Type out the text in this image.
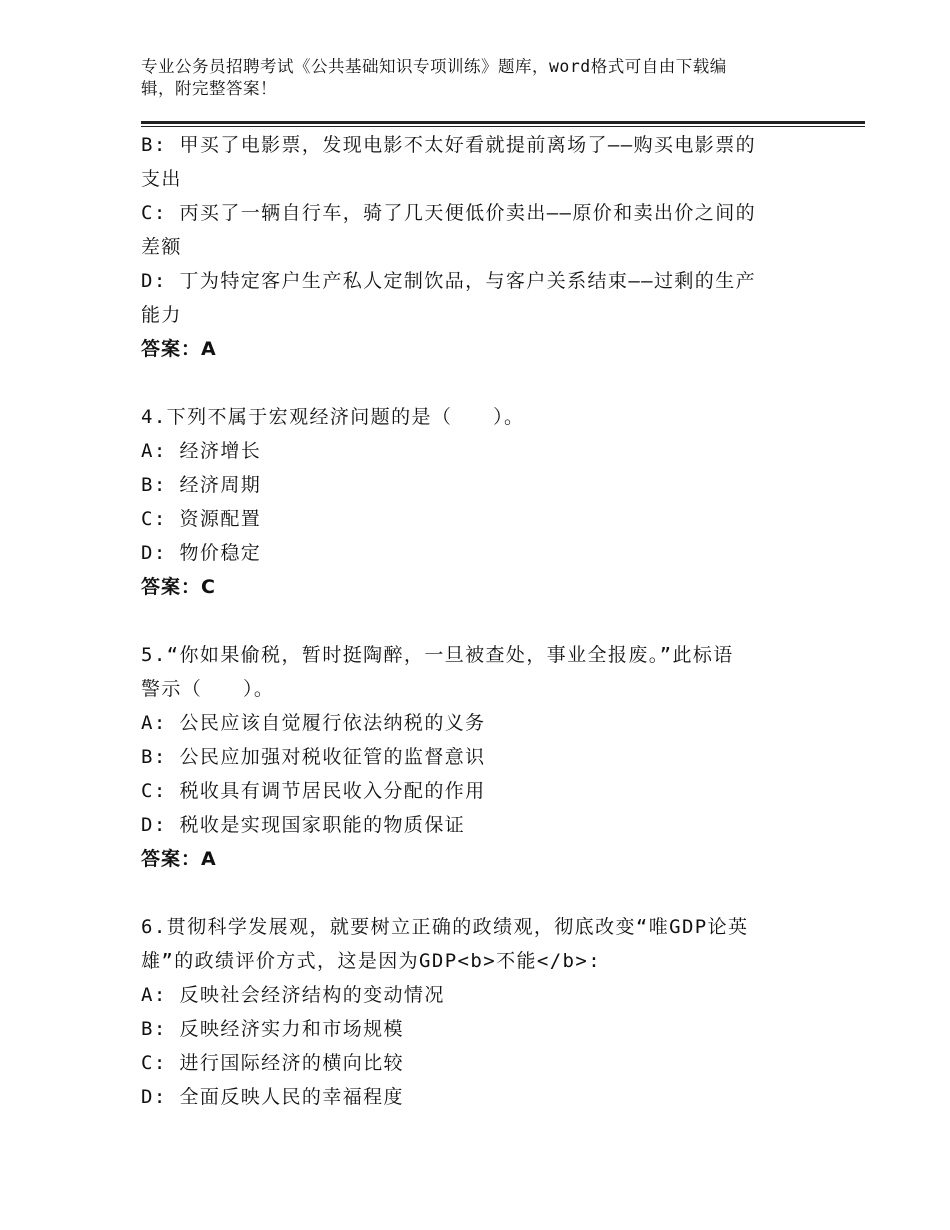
专业公务员招聘考试《公共基础知识专项训练》题库，word格式可自由下载编
辑，附完整答案！
B: 甲买了电影票，发现电影不太好看就提前离场了——购买电影票的
支出
C: 丙买了一辆自行车，骑了几天便低价卖出——原价和卖出价之间的
差额
D: 丁为特定客户生产私人定制饮品，与客户关系结束——过剩的生产
能力
答案：A
4.下列不属于宏观经济问题的是（　　）。
A: 经济增长
B: 经济周期
C: 资源配置
D: 物价稳定
答案：C
5.“你如果偷税，暂时挺陶醉，一旦被查处，事业全报废。”此标语
警示（　　）。
A: 公民应该自觉履行依法纳税的义务
B: 公民应加强对税收征管的监督意识
C: 税收具有调节居民收入分配的作用
D: 税收是实现国家职能的物质保证
答案：A
6.贯彻科学发展观，就要树立正确的政绩观，彻底改变“唯GDP论英
雄”的政绩评价方式，这是因为GDP<b>不能</b>:
A: 反映社会经济结构的变动情况
B: 反映经济实力和市场规模
C: 进行国际经济的横向比较
D: 全面反映人民的幸福程度
